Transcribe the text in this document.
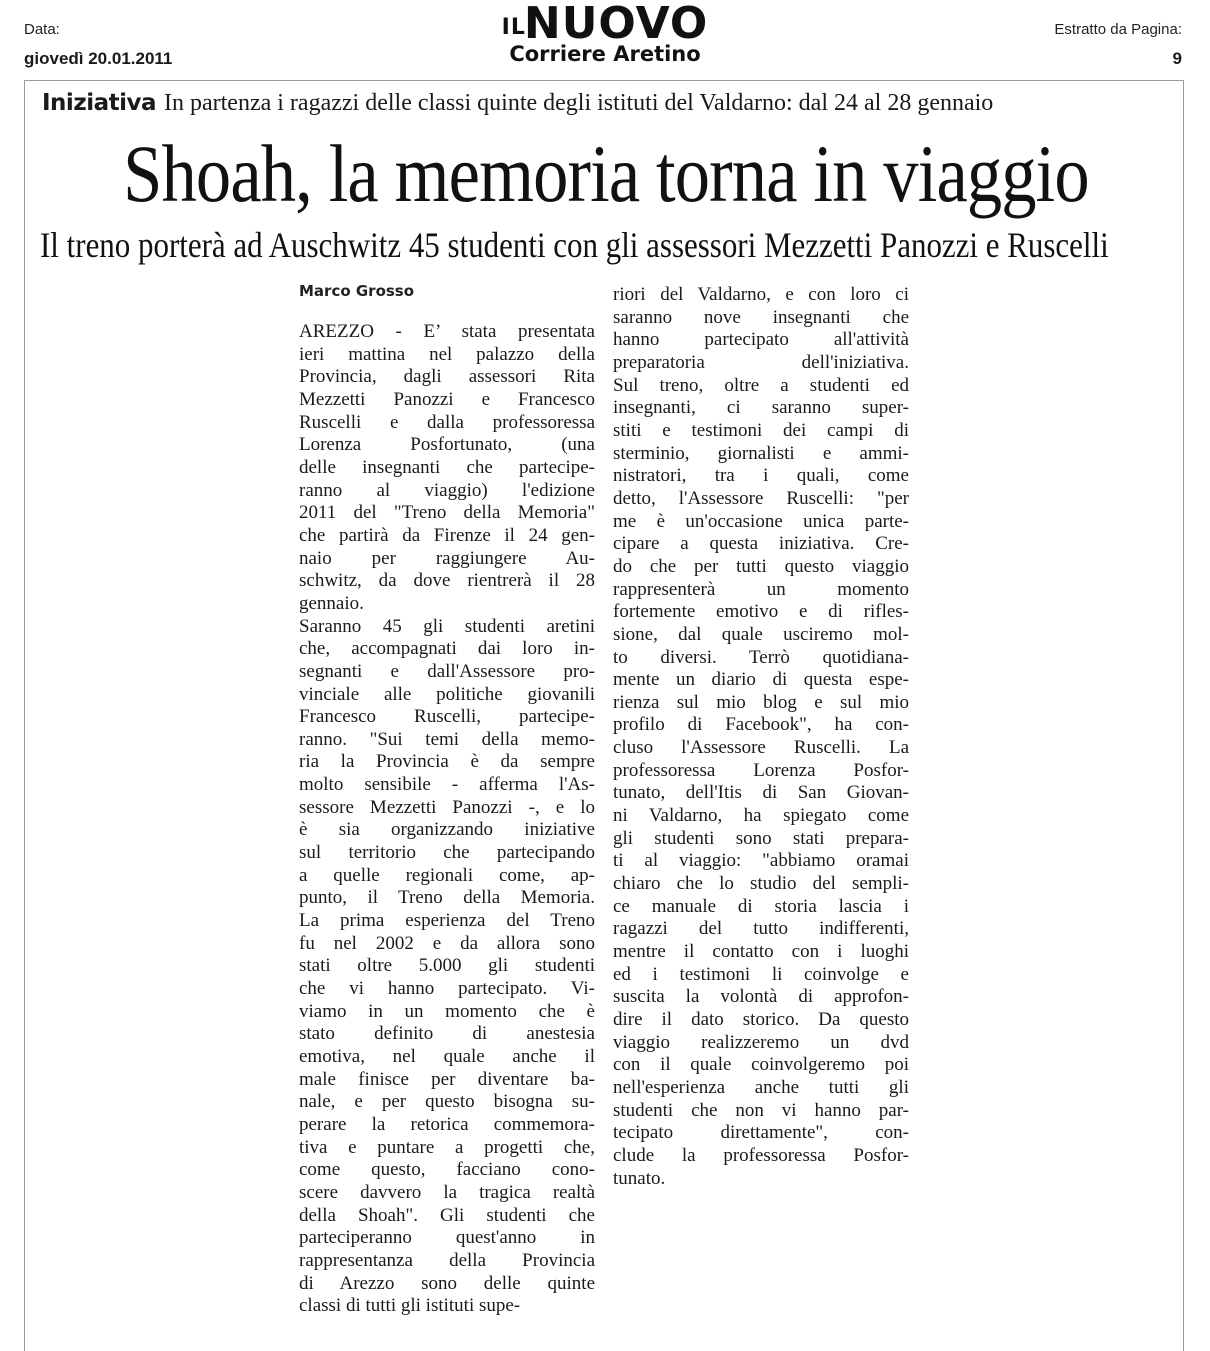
Data:
giovedì 20.01.2011
$^{IL}$NUOVO
Corriere Aretino
Estratto da Pagina:
9
Iniziativa In partenza i ragazzi delle classi quinte degli istituti del Valdarno: dal 24 al 28 gennaio
Shoah, la memoria torna in viaggio
Il treno porterà ad Auschwitz 45 studenti con gli assessori Mezzetti Panozzi e Ruscelli
Marco Grosso
AREZZO - E’ stata presentata
ieri mattina nel palazzo della
Provincia, dagli assessori Rita
Mezzetti Panozzi e Francesco
Ruscelli e dalla professoressa
Lorenza Posfortunato, (una
delle insegnanti che partecipe-
ranno al viaggio) l'edizione
2011 del "Treno della Memoria"
che partirà da Firenze il 24 gen-
naio per raggiungere Au-
schwitz, da dove rientrerà il 28
gennaio.
Saranno 45 gli studenti aretini
che, accompagnati dai loro in-
segnanti e dall'Assessore pro-
vinciale alle politiche giovanili
Francesco Ruscelli, partecipe-
ranno. "Sui temi della memo-
ria la Provincia è da sempre
molto sensibile - afferma l'As-
sessore Mezzetti Panozzi -, e lo
è sia organizzando iniziative
sul territorio che partecipando
a quelle regionali come, ap-
punto, il Treno della Memoria.
La prima esperienza del Treno
fu nel 2002 e da allora sono
stati oltre 5.000 gli studenti
che vi hanno partecipato. Vi-
viamo in un momento che è
stato definito di anestesia
emotiva, nel quale anche il
male finisce per diventare ba-
nale, e per questo bisogna su-
perare la retorica commemora-
tiva e puntare a progetti che,
come questo, facciano cono-
scere davvero la tragica realtà
della Shoah". Gli studenti che
parteciperanno quest'anno in
rappresentanza della Provincia
di Arezzo sono delle quinte
classi di tutti gli istituti supe-
riori del Valdarno, e con loro ci
saranno nove insegnanti che
hanno partecipato all'attività
preparatoria dell'iniziativa.
Sul treno, oltre a studenti ed
insegnanti, ci saranno super-
stiti e testimoni dei campi di
sterminio, giornalisti e ammi-
nistratori, tra i quali, come
detto, l'Assessore Ruscelli: "per
me è un'occasione unica parte-
cipare a questa iniziativa. Cre-
do che per tutti questo viaggio
rappresenterà un momento
fortemente emotivo e di rifles-
sione, dal quale usciremo mol-
to diversi. Terrò quotidiana-
mente un diario di questa espe-
rienza sul mio blog e sul mio
profilo di Facebook", ha con-
cluso l'Assessore Ruscelli. La
professoressa Lorenza Posfor-
tunato, dell'Itis di San Giovan-
ni Valdarno, ha spiegato come
gli studenti sono stati prepara-
ti al viaggio: "abbiamo oramai
chiaro che lo studio del sempli-
ce manuale di storia lascia i
ragazzi del tutto indifferenti,
mentre il contatto con i luoghi
ed i testimoni li coinvolge e
suscita la volontà di approfon-
dire il dato storico. Da questo
viaggio realizzeremo un dvd
con il quale coinvolgeremo poi
nell'esperienza anche tutti gli
studenti che non vi hanno par-
tecipato direttamente", con-
clude la professoressa Posfor-
tunato.
